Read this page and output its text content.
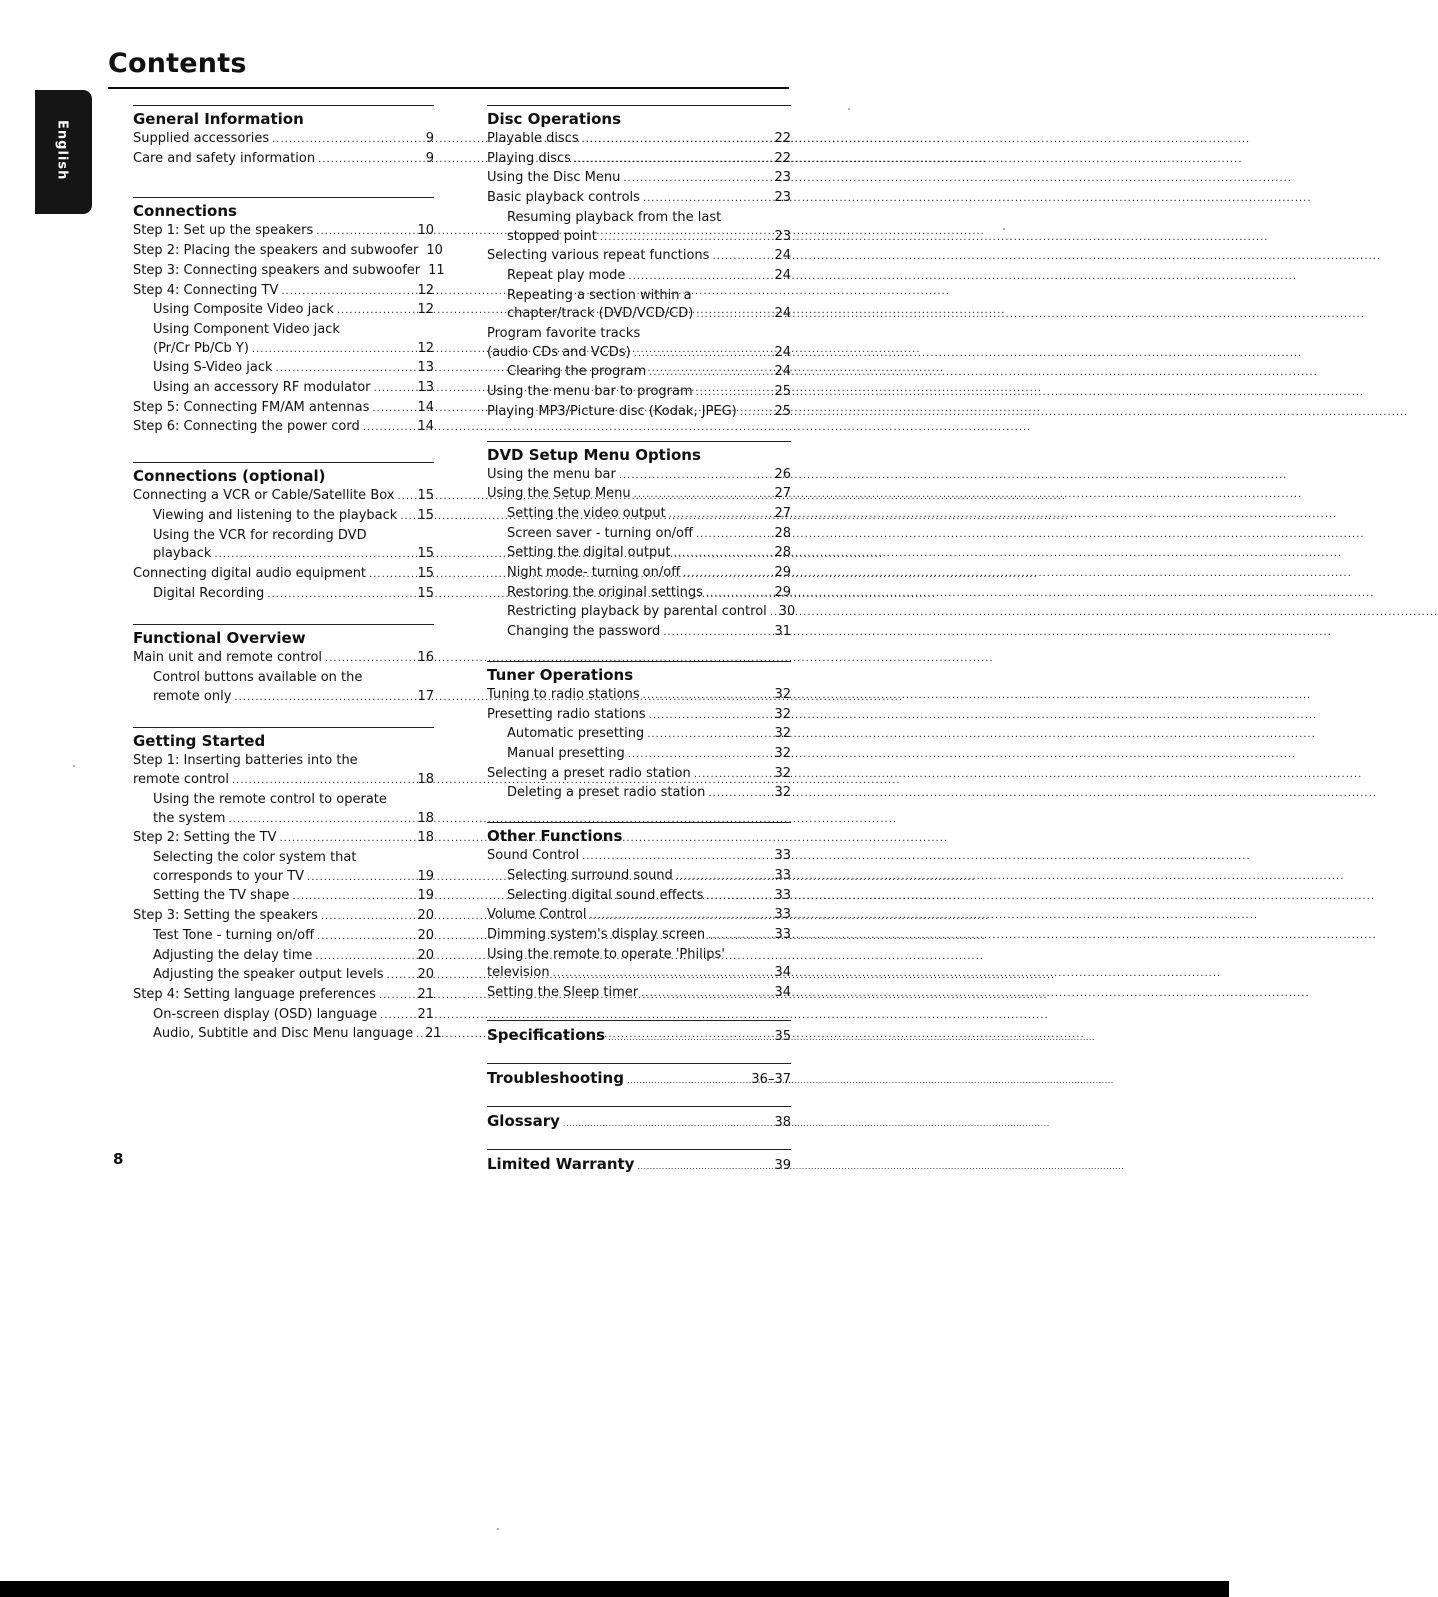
Contents
English
General Information
Supplied accessories .....	9
Care and safety information .....	9
Connections
Step 1: Set up the speakers .....	10
Step 2: Placing the speakers and subwoofer 10
Step 3: Connecting speakers and subwoofer 11
Step 4: Connecting TV .....	12
Using Composite Video jack .....	12
Using Component Video jack
(Pr/Cr Pb/Cb Y) .....	12
Using S-Video jack .....	13
Using an accessory RF modulator .....	13
Step 5: Connecting FM/AM antennas .....	14
Step 6: Connecting the power cord .....	14
Connections (optional)
Connecting a VCR or Cable/Satellite Box ..... 15
Viewing and listening to the playback ..... 15
Using the VCR for recording DVD
playback .....	15
Connecting digital audio equipment .....	15
Digital Recording .....	15
Functional Overview
Main unit and remote control .....	16
Control buttons available on the
remote only .....	17
Getting Started
Step 1: Inserting batteries into the
remote control .....	18
Using the remote control to operate
the system .....	18
Step 2: Setting the TV .....	18
Selecting the color system that
corresponds to your TV .....	19
Setting the TV shape .....	19
Step 3: Setting the speakers .....	20
Test Tone - turning on/off .....	20
Adjusting the delay time .....	20
Adjusting the speaker output levels .....	20
Step 4: Setting language preferences .....	21
On-screen display (OSD) language .....	21
Audio, Subtitle and Disc Menu language ..... 21
Disc Operations
Playable discs .....	22
Playing discs .....	22
Using the Disc Menu .....	23
Basic playback controls .....	23
Resuming playback from the last
stopped point .....	23
Selecting various repeat functions .....	24
Repeat play mode .....	24
Repeating a section within a
chapter/track (DVD/VCD/CD) .....	24
Program favorite tracks
(audio CDs and VCDs) .....	24
Clearing the program .....	24
Using the menu bar to program .....	25
Playing MP3/Picture disc (Kodak, JPEG) .....	25
DVD Setup Menu Options
Using the menu bar .....	26
Using the Setup Menu .....	27
Setting the video output .....	27
Screen saver - turning on/off .....	28
Setting the digital output .....	28
Night mode- turning on/off .....	29
Restoring the original settings .....	29
Restricting playback by parental control ..... 30
Changing the password .....	31
Tuner Operations
Tuning to radio stations .....	32
Presetting radio stations .....	32
Automatic presetting .....	32
Manual presetting .....	32
Selecting a preset radio station .....	32
Deleting a preset radio station .....	32
Other Functions
Sound Control .....	33
Selecting surround sound .....	33
Selecting digital sound effects .....	33
Volume Control .....	33
Dimming system's display screen .....	33
Using the remote to operate 'Philips'
television .....	34
Setting the Sleep timer .....	34
Specifications .....	35
Troubleshooting .....	36–37
Glossary .....	38
Limited Warranty .....	39
8
